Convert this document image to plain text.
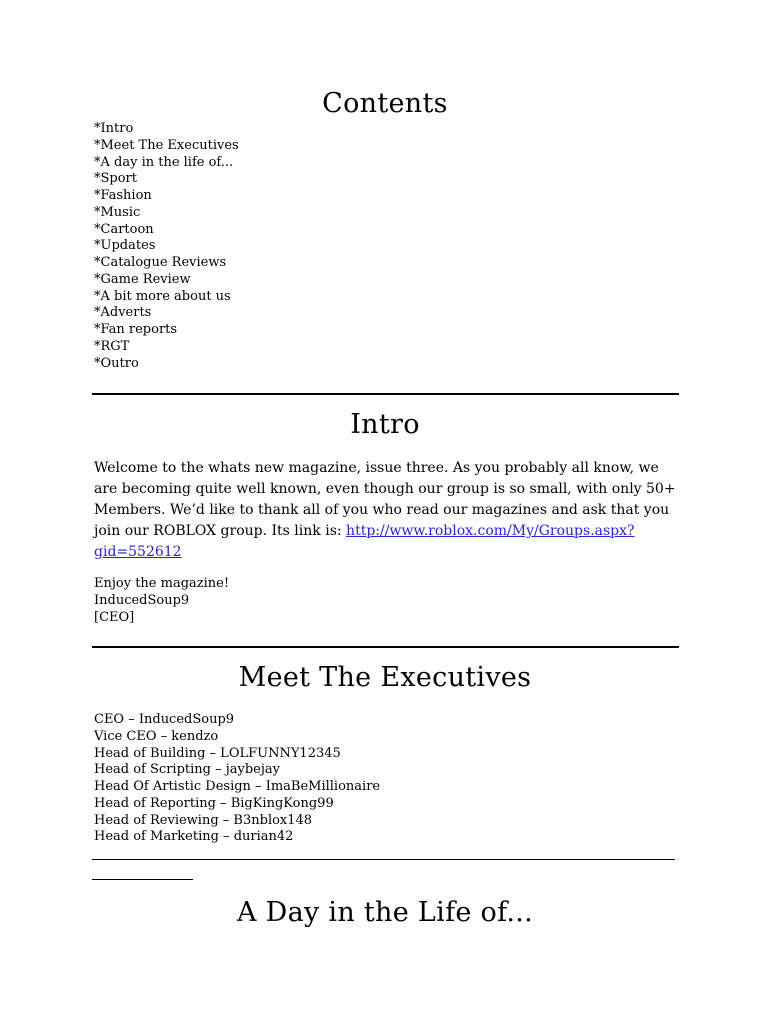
Contents
*Intro
*Meet The Executives
*A day in the life of...
*Sport
*Fashion
*Music
*Cartoon
*Updates
*Catalogue Reviews
*Game Review
*A bit more about us
*Adverts
*Fan reports
*RGT
*Outro
Intro

Welcome to the whats new magazine, issue three. As you probably all know, we are becoming quite well known, even though our group is so small, with only 50+ Members. We’d like to thank all of you who read our magazines and ask that you join our ROBLOX group. Its link is: http://www.roblox.com/My/Groups.aspx?gid=552612

Enjoy the magazine!
InducedSoup9
[CEO]
Meet The Executives
CEO – InducedSoup9
Vice CEO – kendzo
Head of Building – LOLFUNNY12345
Head of Scripting – jaybejay
Head Of Artistic Design – ImaBeMillionaire
Head of Reporting – BigKingKong99
Head of Reviewing – B3nblox148
Head of Marketing – durian42
A Day in the Life of...
